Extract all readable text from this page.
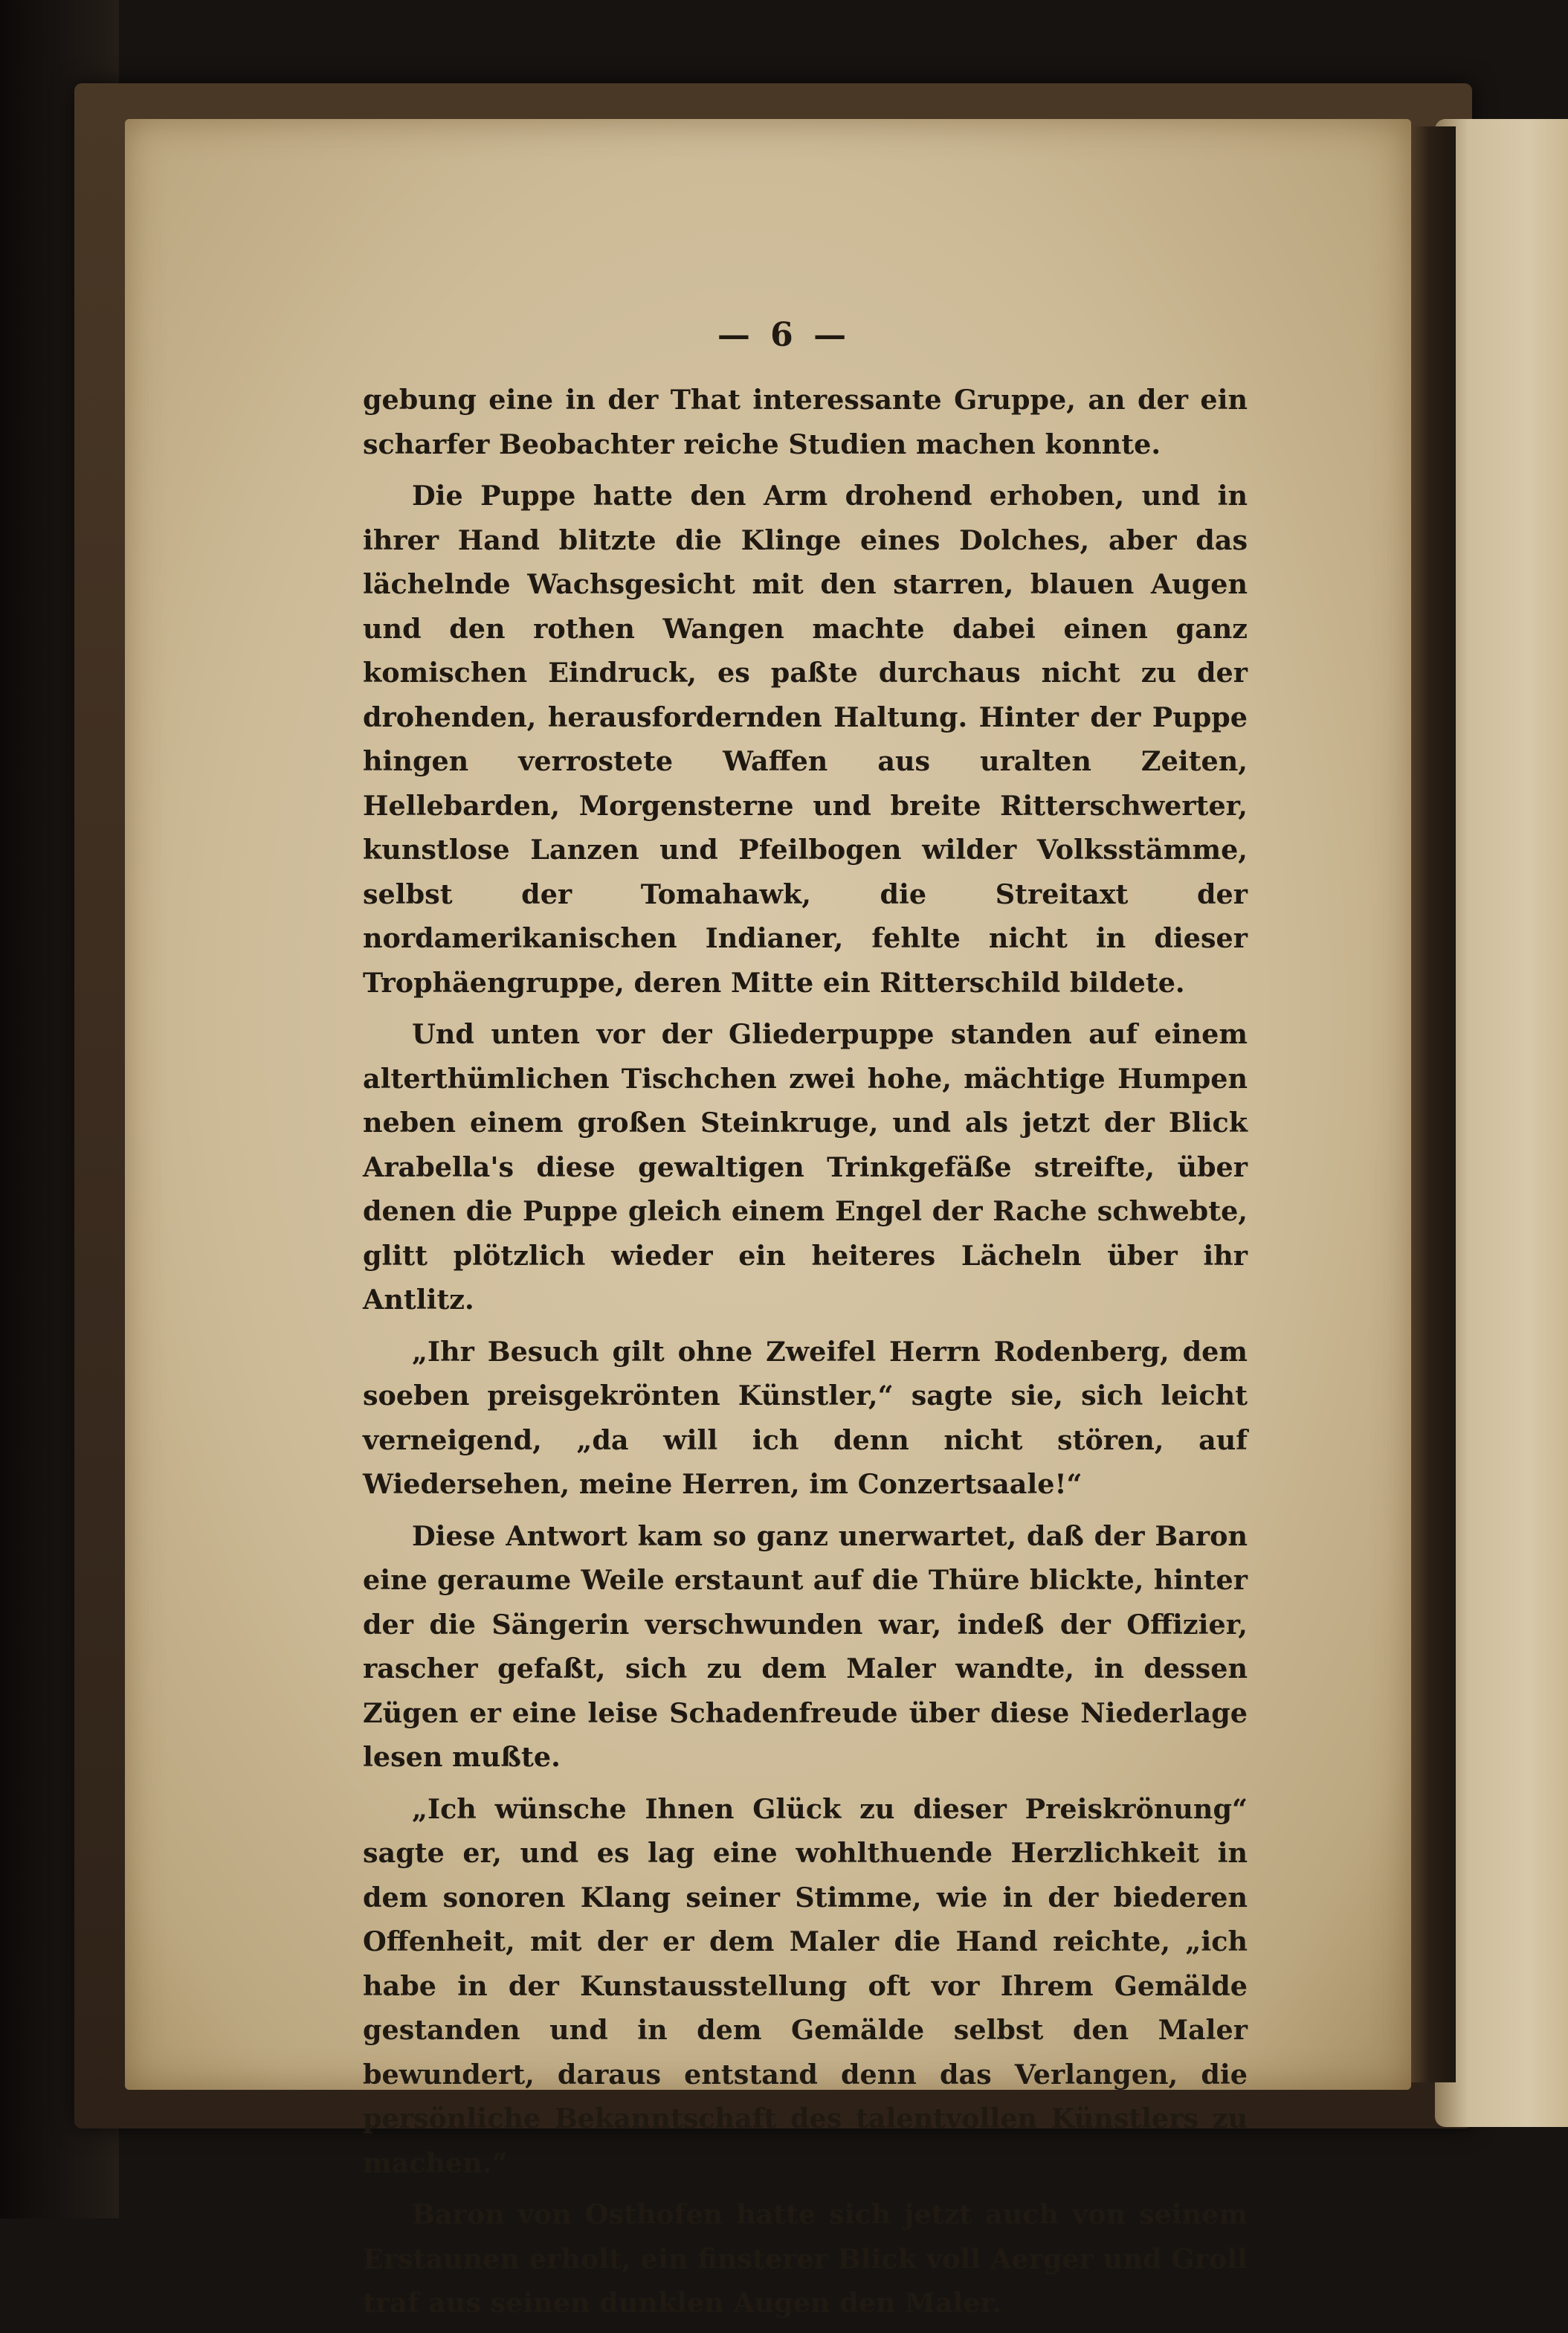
— 6 —

gebung eine in der That interessante Gruppe, an der ein scharfer Beobachter reiche Studien machen konnte.

Die Puppe hatte den Arm drohend erhoben, und in ihrer Hand blitzte die Klinge eines Dolches, aber das lächelnde Wachsgesicht mit den starren, blauen Augen und den rothen Wangen machte dabei einen ganz komischen Eindruck, es paßte durchaus nicht zu der drohenden, herausfordernden Haltung. Hinter der Puppe hingen verrostete Waffen aus uralten Zeiten, Hellebarden, Morgensterne und breite Ritterschwerter, kunstlose Lanzen und Pfeilbogen wilder Volksstämme, selbst der Tomahawk, die Streitaxt der nordamerikanischen Indianer, fehlte nicht in dieser Trophäengruppe, deren Mitte ein Ritterschild bildete.

Und unten vor der Gliederpuppe standen auf einem alterthümlichen Tischchen zwei hohe, mächtige Humpen neben einem großen Steinkruge, und als jetzt der Blick Arabella's diese gewaltigen Trinkgefäße streifte, über denen die Puppe gleich einem Engel der Rache schwebte, glitt plötzlich wieder ein heiteres Lächeln über ihr Antlitz.

„Ihr Besuch gilt ohne Zweifel Herrn Rodenberg, dem soeben preisgekrönten Künstler,“ sagte sie, sich leicht verneigend, „da will ich denn nicht stören, auf Wiedersehen, meine Herren, im Conzertsaale!“

Diese Antwort kam so ganz unerwartet, daß der Baron eine geraume Weile erstaunt auf die Thüre blickte, hinter der die Sängerin verschwunden war, indeß der Offizier, rascher gefaßt, sich zu dem Maler wandte, in dessen Zügen er eine leise Schadenfreude über diese Niederlage lesen mußte.

„Ich wünsche Ihnen Glück zu dieser Preiskrönung“ sagte er, und es lag eine wohlthuende Herzlichkeit in dem sonoren Klang seiner Stimme, wie in der biederen Offenheit, mit der er dem Maler die Hand reichte, „ich habe in der Kunstausstellung oft vor Ihrem Gemälde gestanden und in dem Gemälde selbst den Maler bewundert, daraus entstand denn das Verlangen, die persönliche Bekanntschaft des talentvollen Künstlers zu machen.“

Baron von Osthofen hatte sich jetzt auch von seinem Erstaunen erholt, ein finsterer Blick voll Aerger und Groll traf aus seinen dunklen Augen den Maler.
